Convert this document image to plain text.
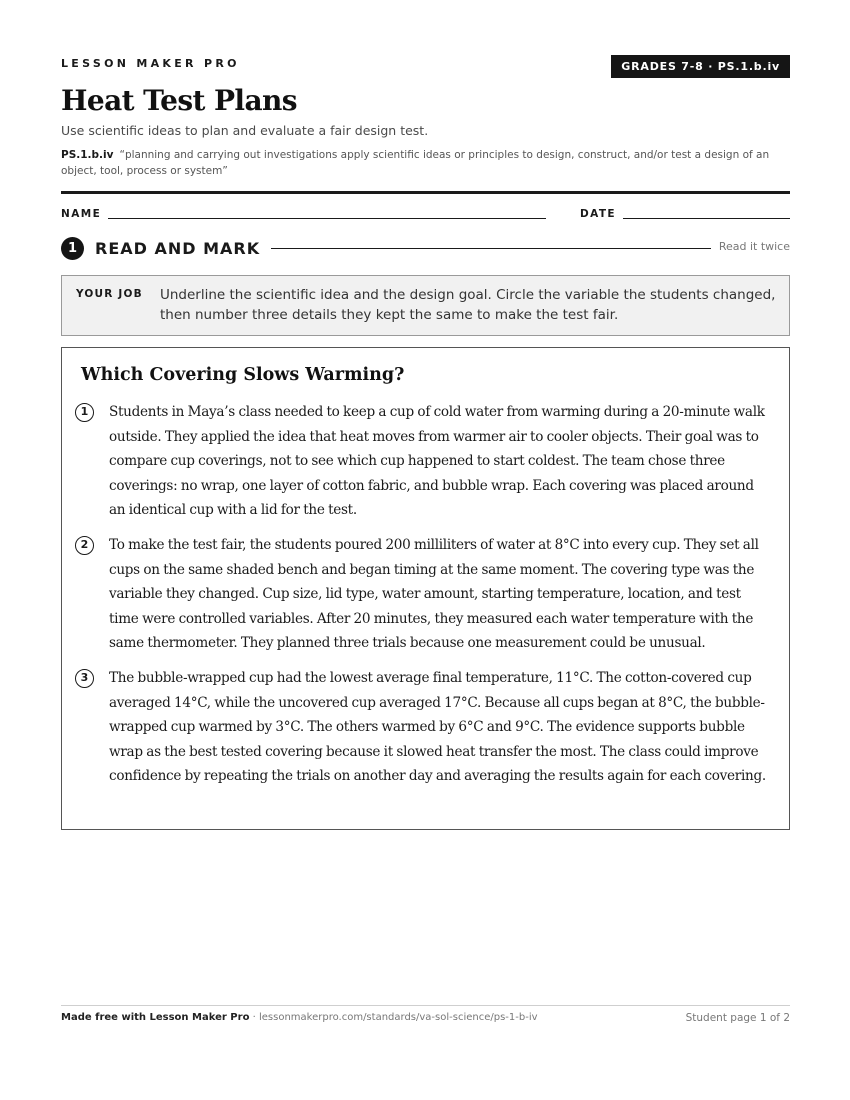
LESSON MAKER PRO	GRADES 7-8 · PS.1.b.iv
Heat Test Plans
Use scientific ideas to plan and evaluate a fair design test.
PS.1.b.iv “planning and carrying out investigations apply scientific ideas or principles to design, construct, and/or test a design of an object, tool, process or system”
NAME	DATE
1	READ AND MARK	Read it twice
YOUR JOB Underline the scientific idea and the design goal. Circle the variable the students changed, then number three details they kept the same to make the test fair.
Which Covering Slows Warming?
1	Students in Maya’s class needed to keep a cup of cold water from warming during a 20-minute walk outside. They applied the idea that heat moves from warmer air to cooler objects. Their goal was to compare cup coverings, not to see which cup happened to start coldest. The team chose three coverings: no wrap, one layer of cotton fabric, and bubble wrap. Each covering was placed around an identical cup with a lid for the test.

2	To make the test fair, the students poured 200 milliliters of water at 8°C into every cup. They set all cups on the same shaded bench and began timing at the same moment. The covering type was the variable they changed. Cup size, lid type, water amount, starting temperature, location, and test time were controlled variables. After 20 minutes, they measured each water temperature with the same thermometer. They planned three trials because one measurement could be unusual.

3	The bubble-wrapped cup had the lowest average final temperature, 11°C. The cotton-covered cup averaged 14°C, while the uncovered cup averaged 17°C. Because all cups began at 8°C, the bubble-wrapped cup warmed by 3°C. The others warmed by 6°C and 9°C. The evidence supports bubble wrap as the best tested covering because it slowed heat transfer the most. The class could improve confidence by repeating the trials on another day and averaging the results again for each covering.

Made free with Lesson Maker Pro · lessonmakerpro.com/standards/va-sol-science/ps-1-b-iv	Student page 1 of 2
